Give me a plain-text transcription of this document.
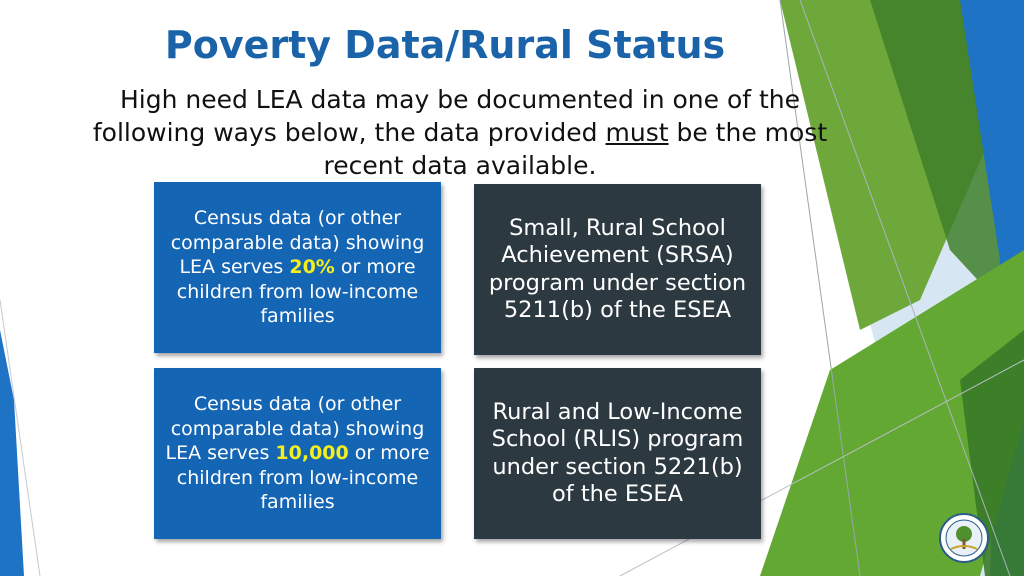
Poverty Data/Rural Status
High need LEA data may be documented in one of the following ways below, the data provided must be the most recent data available.
Census data (or other comparable data) showing LEA serves 20% or more children from low-income families
Small, Rural School Achievement (SRSA) program under section 5211(b) of the ESEA
Census data (or other comparable data) showing LEA serves 10,000 or more children from low-income families
Rural and Low-Income School (RLIS) program under section 5221(b) of the ESEA
